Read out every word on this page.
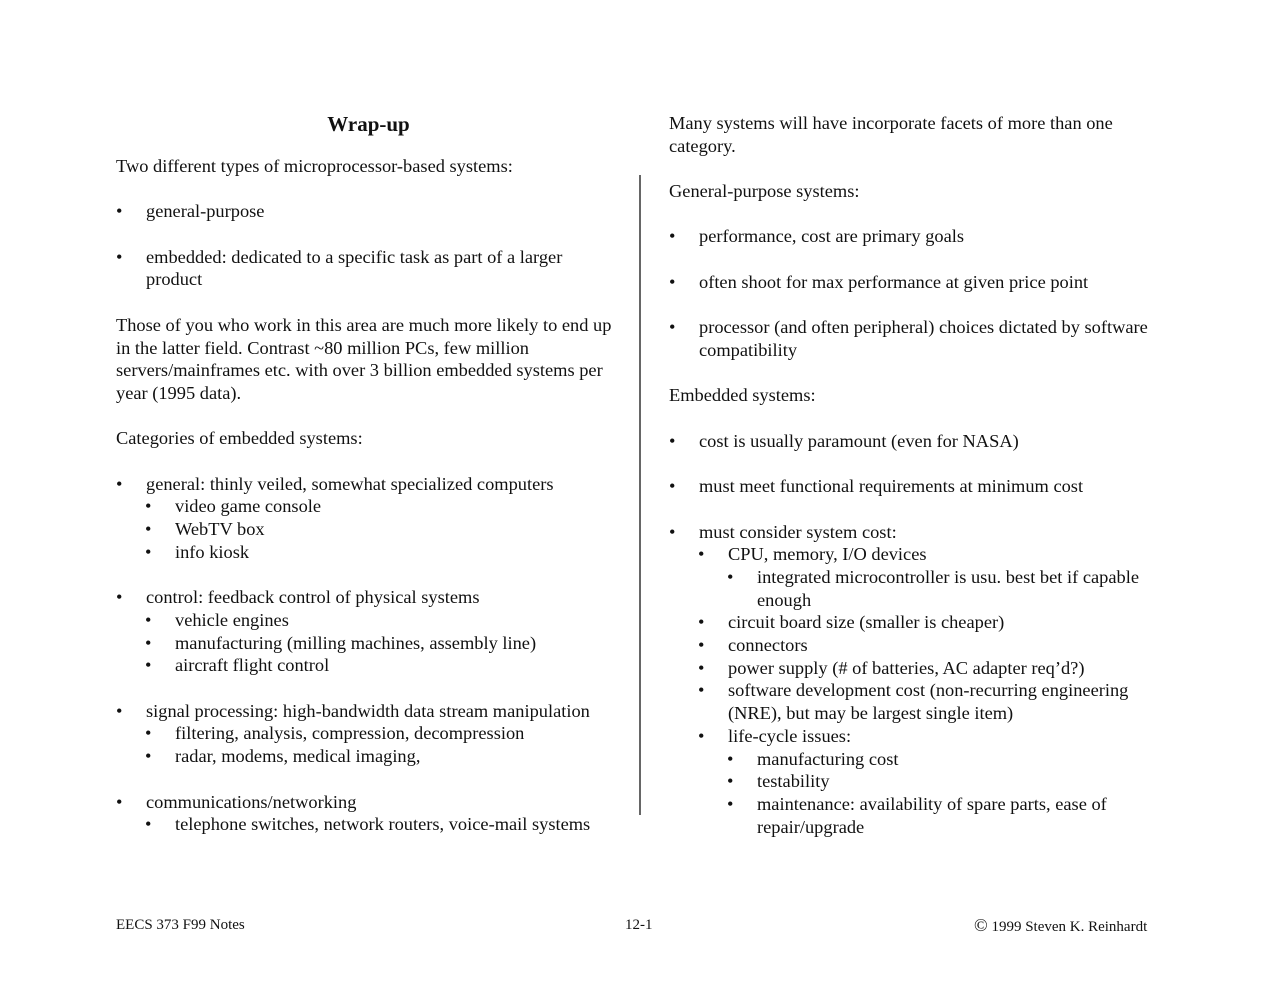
Wrap-up

Two different types of microprocessor-based systems:

• general-purpose
• embedded: dedicated to a specific task as part of a larger product

Those of you who work in this area are much more likely to end up in the latter field. Contrast ~80 million PCs, few million servers/mainframes etc. with over 3 billion embedded systems per year (1995 data).

Categories of embedded systems:

• general: thinly veiled, somewhat specialized computers
• video game console
• WebTV box
• info kiosk
• control: feedback control of physical systems
• vehicle engines
• manufacturing (milling machines, assembly line)
• aircraft flight control
• signal processing: high-bandwidth data stream manipulation
• filtering, analysis, compression, decompression
• radar, modems, medical imaging,
• communications/networking
• telephone switches, network routers, voice-mail systems

Many systems will have incorporate facets of more than one category.

General-purpose systems:

• performance, cost are primary goals
• often shoot for max performance at given price point
• processor (and often peripheral) choices dictated by software compatibility

Embedded systems:

• cost is usually paramount (even for NASA)
• must meet functional requirements at minimum cost
• must consider system cost:
• CPU, memory, I/O devices
• integrated microcontroller is usu. best bet if capable enough
• circuit board size (smaller is cheaper)
• connectors
• power supply (# of batteries, AC adapter req’d?)
• software development cost (non-recurring engineering (NRE), but may be largest single item)
• life-cycle issues:
• manufacturing cost
• testability
• maintenance: availability of spare parts, ease of repair/upgrade
EECS 373 F99 Notes	12-1	© 1999 Steven K. Reinhardt
